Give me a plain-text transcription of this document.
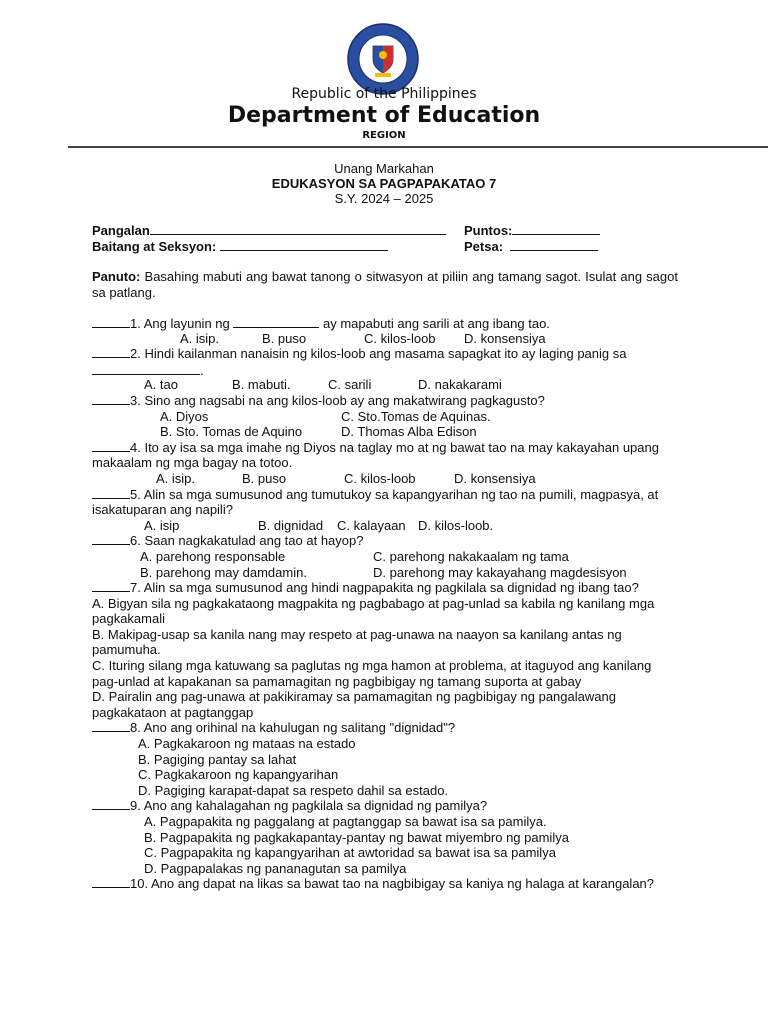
Republic of the Philippines
Department of Education
REGION
Unang Markahan
EDUKASYON SA PAGPAPAKATAO 7
S.Y. 2024 – 2025
Pangalan	Puntos:
Baitang at Seksyon:	Petsa:
Panuto: Basahing mabuti ang bawat tanong o sitwasyon at piliin ang tamang sagot. Isulat ang sagot sa patlang.
1. Ang layunin ng	ay mapabuti ang sarili at ang ibang tao.
A. isip.	B. puso	C. kilos-loob D. konsensiya
2. Hindi kailanman nanaisin ng kilos-loob ang masama sapagkat ito ay laging panig sa
.
A. tao	B. mabuti.	C. sarili	D. nakakarami
3. Sino ang nagsabi na ang kilos-loob ay ang makatwirang pagkagusto?
A. Diyos	C. Sto.Tomas de Aquinas.
B. Sto. Tomas de Aquino	D. Thomas Alba Edison
4. Ito ay isa sa mga imahe ng Diyos na taglay mo at ng bawat tao na may kakayahan upang makaalam ng mga bagay na totoo.
A. isip.	B. puso	C. kilos-loob	D. konsensiya
5. Alin sa mga sumusunod ang tumutukoy sa kapangyarihan ng tao na pumili, magpasya, at isakatuparan ang napili?
A. isip	B. dignidad C. kalayaan D. kilos-loob.
6. Saan nagkakatulad ang tao at hayop?
A. parehong responsable	C. parehong nakakaalam ng tama
B. parehong may damdamin.	D. parehong may kakayahang magdesisyon
7. Alin sa mga sumusunod ang hindi nagpapakita ng pagkilala sa dignidad ng ibang tao?
A. Bigyan sila ng pagkakataong magpakita ng pagbabago at pag-unlad sa kabila ng kanilang mga pagkakamali
B. Makipag-usap sa kanila nang may respeto at pag-unawa na naayon sa kanilang antas ng pamumuha.
C. Ituring silang mga katuwang sa paglutas ng mga hamon at problema, at itaguyod ang kanilang pag-unlad at kapakanan sa pamamagitan ng pagbibigay ng tamang suporta at gabay
D. Pairalin ang pag-unawa at pakikiramay sa pamamagitan ng pagbibigay ng pangalawang pagkakataon at pagtanggap
8. Ano ang orihinal na kahulugan ng salitang "dignidad"?
A. Pagkakaroon ng mataas na estado
B. Pagiging pantay sa lahat
C. Pagkakaroon ng kapangyarihan
D. Pagiging karapat-dapat sa respeto dahil sa estado.
9. Ano ang kahalagahan ng pagkilala sa dignidad ng pamilya?
A. Pagpapakita ng paggalang at pagtanggap sa bawat isa sa pamilya.
B. Pagpapakita ng pagkakapantay-pantay ng bawat miyembro ng pamilya
C. Pagpapakita ng kapangyarihan at awtoridad sa bawat isa sa pamilya
D. Pagpapalakas ng pananagutan sa pamilya
10. Ano ang dapat na likas sa bawat tao na nagbibigay sa kaniya ng halaga at karangalan?
